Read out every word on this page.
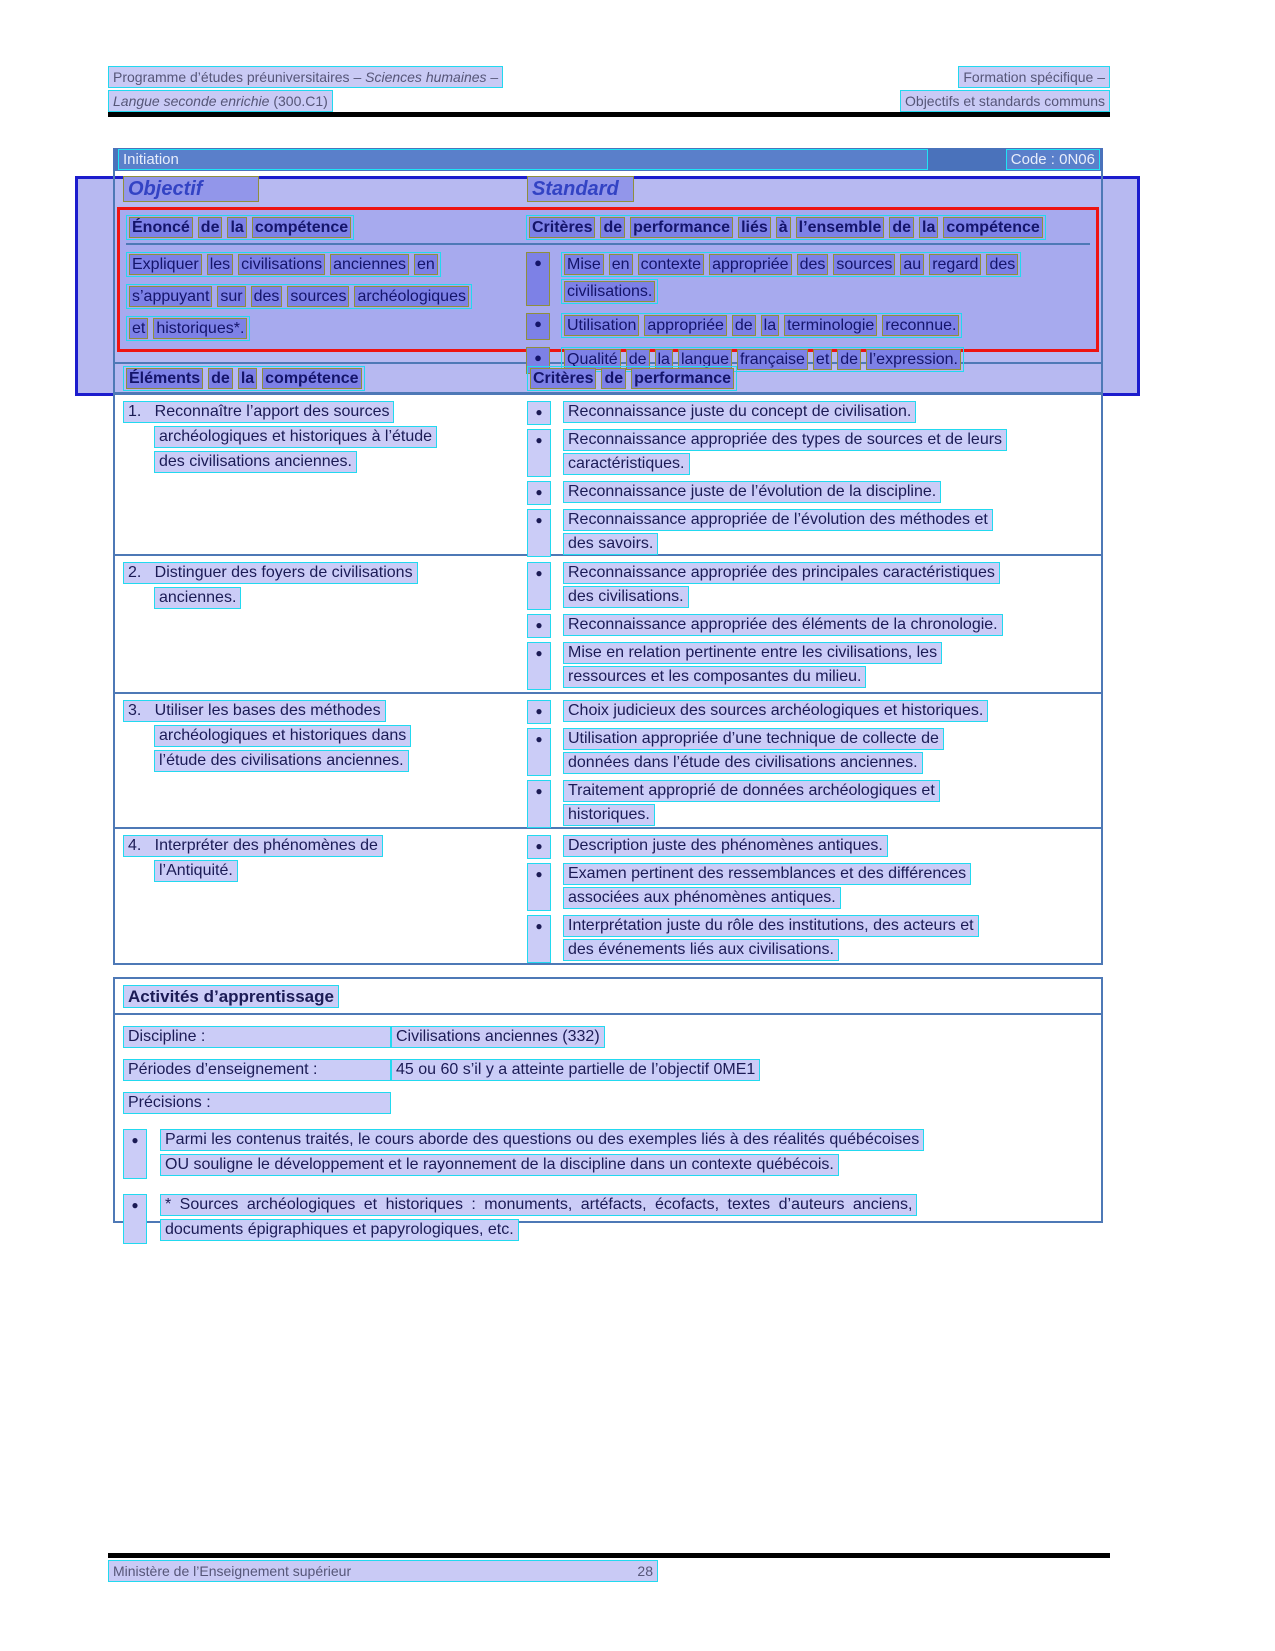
Programme d’études préuniversitaires – Sciences humaines –	Formation spécifique –
Langue seconde enrichie (300.C1)	Objectifs et standards communs
Initiation	Code : 0N06
Objectif	Standard
Énoncé de la compétence	Critères de performance liés à l’ensemble de la compétence
Expliquer les civilisations anciennes en
s’appuyant sur des sources archéologiques
et historiques*.
●	Mise en contexte appropriée des sources au regard des
civilisations.
●	Utilisation appropriée de la terminologie reconnue.
●	Qualité de la langue française et de l’expression.
Éléments de la compétence	Critères de performance
1.   Reconnaître l’apport des sources
archéologiques et historiques à l’étude
des civilisations anciennes.
●	Reconnaissance juste du concept de civilisation.
●	Reconnaissance appropriée des types de sources et de leurs
caractéristiques.
●	Reconnaissance juste de l’évolution de la discipline.
●	Reconnaissance appropriée de l’évolution des méthodes et
des savoirs.
2.   Distinguer des foyers de civilisations
anciennes.
●	Reconnaissance appropriée des principales caractéristiques
des civilisations.
●	Reconnaissance appropriée des éléments de la chronologie.
●	Mise en relation pertinente entre les civilisations, les
ressources et les composantes du milieu.
3.   Utiliser les bases des méthodes
archéologiques et historiques dans
l’étude des civilisations anciennes.
●	Choix judicieux des sources archéologiques et historiques.
●	Utilisation appropriée d’une technique de collecte de
données dans l’étude des civilisations anciennes.
●	Traitement approprié de données archéologiques et
historiques.
4.   Interpréter des phénomènes de
l’Antiquité.
●	Description juste des phénomènes antiques.
●	Examen pertinent des ressemblances et des différences
associées aux phénomènes antiques.
●	Interprétation juste du rôle des institutions, des acteurs et
des événements liés aux civilisations.
Activités d’apprentissage
Discipline :	Civilisations anciennes (332)
Périodes d’enseignement :	45 ou 60 s’il y a atteinte partielle de l’objectif 0ME1
Précisions :
●	Parmi les contenus traités, le cours aborde des questions ou des exemples liés à des réalités québécoises
OU souligne le développement et le rayonnement de la discipline dans un contexte québécois.
●	* Sources archéologiques et historiques : monuments, artéfacts, écofacts, textes d’auteurs anciens,
documents épigraphiques et papyrologiques, etc.
Ministère de l’Enseignement supérieur	28
